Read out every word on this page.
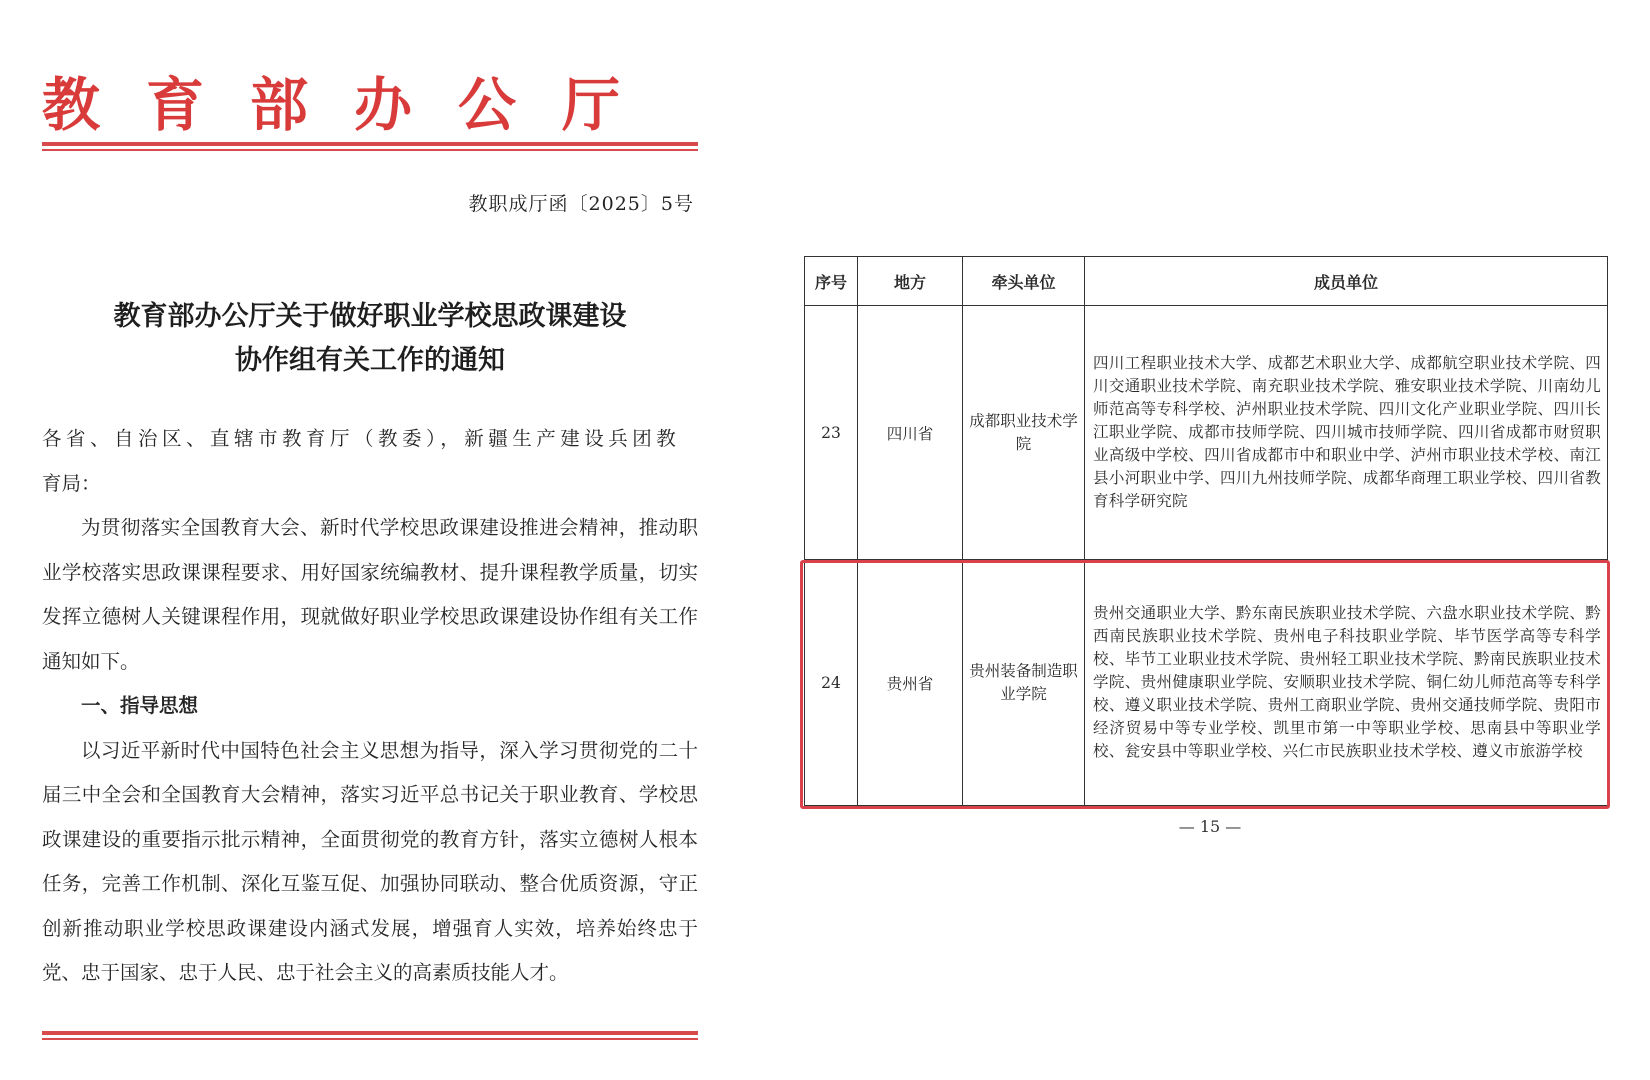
教育部办公厅
教职成厅函〔2025〕5号
教育部办公厅关于做好职业学校思政课建设
协作组有关工作的通知

各省、自治区、直辖市教育厅（教委），新疆生产建设兵团教

育局：

为贯彻落实全国教育大会、新时代学校思政课建设推进会精神，推动职业学校落实思政课课程要求、用好国家统编教材、提升课程教学质量，切实发挥立德树人关键课程作用，现就做好职业学校思政课建设协作组有关工作通知如下。

一、指导思想

以习近平新时代中国特色社会主义思想为指导，深入学习贯彻党的二十届三中全会和全国教育大会精神，落实习近平总书记关于职业教育、学校思政课建设的重要指示批示精神，全面贯彻党的教育方针，落实立德树人根本任务，完善工作机制、深化互鉴互促、加强协同联动、整合优质资源，守正创新推动职业学校思政课建设内涵式发展，增强育人实效，培养始终忠于党、忠于国家、忠于人民、忠于社会主义的高素质技能人才。

序号	地方	牵头单位	成员单位
23	四川省	成都职业技术学院	四川工程职业技术大学、成都艺术职业大学、成都航空职业技术学院、四川交通职业技术学院、南充职业技术学院、雅安职业技术学院、川南幼儿师范高等专科学校、泸州职业技术学院、四川文化产业职业学院、四川长江职业学院、成都市技师学院、四川城市技师学院、四川省成都市财贸职业高级中学校、四川省成都市中和职业中学、泸州市职业技术学校、南江县小河职业中学、四川九州技师学院、成都华商理工职业学校、四川省教育科学研究院
24	贵州省	贵州装备制造职业学院	贵州交通职业大学、黔东南民族职业技术学院、六盘水职业技术学院、黔西南民族职业技术学院、贵州电子科技职业学院、毕节医学高等专科学校、毕节工业职业技术学院、贵州轻工职业技术学院、黔南民族职业技术学院、贵州健康职业学院、安顺职业技术学院、铜仁幼儿师范高等专科学校、遵义职业技术学院、贵州工商职业学院、贵州交通技师学院、贵阳市经济贸易中等专业学校、凯里市第一中等职业学校、思南县中等职业学校、瓮安县中等职业学校、兴仁市民族职业技术学校、遵义市旅游学校
— 15 —
